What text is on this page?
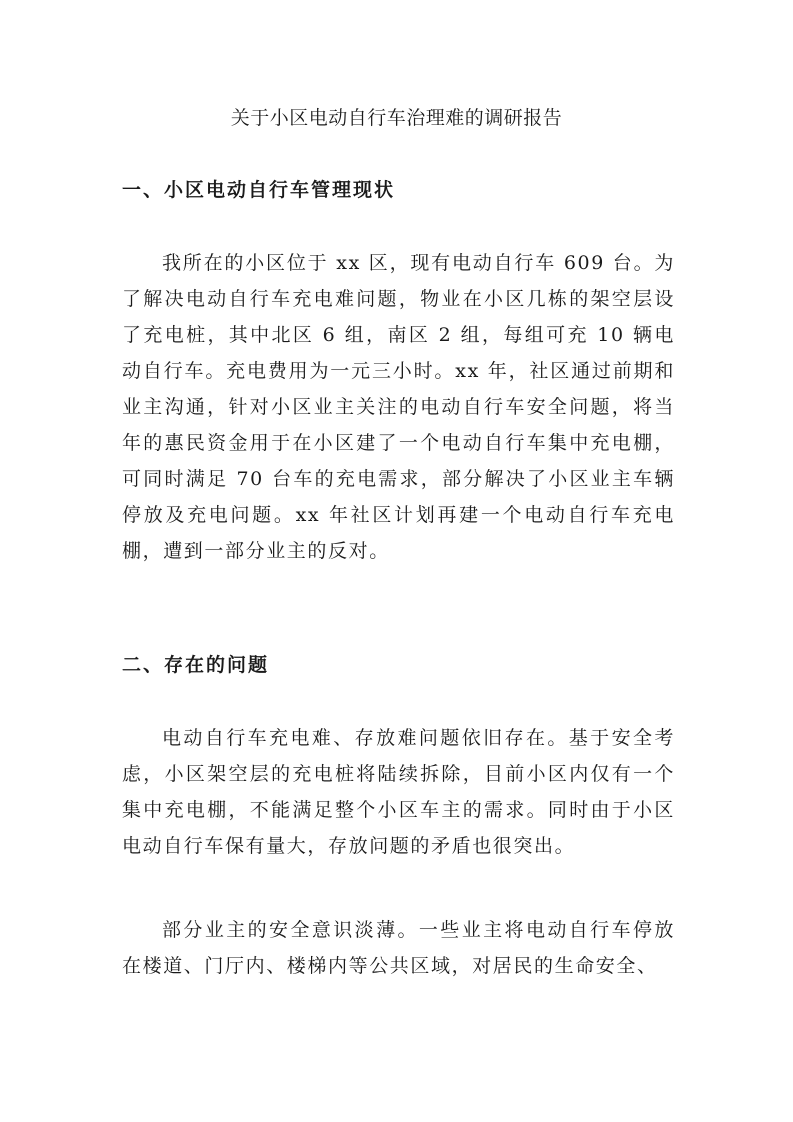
关于小区电动自行车治理难的调研报告
一、小区电动自行车管理现状

我所在的小区位于 xx 区，现有电动自行车 609 台。为了解决电动自行车充电难问题，物业在小区几栋的架空层设了充电桩，其中北区 6 组，南区 2 组，每组可充 10 辆电动自行车。充电费用为一元三小时。xx 年，社区通过前期和业主沟通，针对小区业主关注的电动自行车安全问题，将当年的惠民资金用于在小区建了一个电动自行车集中充电棚，可同时满足 70 台车的充电需求，部分解决了小区业主车辆停放及充电问题。xx 年社区计划再建一个电动自行车充电棚，遭到一部分业主的反对。

二、存在的问题

电动自行车充电难、存放难问题依旧存在。基于安全考虑，小区架空层的充电桩将陆续拆除，目前小区内仅有一个集中充电棚，不能满足整个小区车主的需求。同时由于小区电动自行车保有量大，存放问题的矛盾也很突出。

部分业主的安全意识淡薄。一些业主将电动自行车停放在楼道、门厅内、楼梯内等公共区域，对居民的生命安全、
